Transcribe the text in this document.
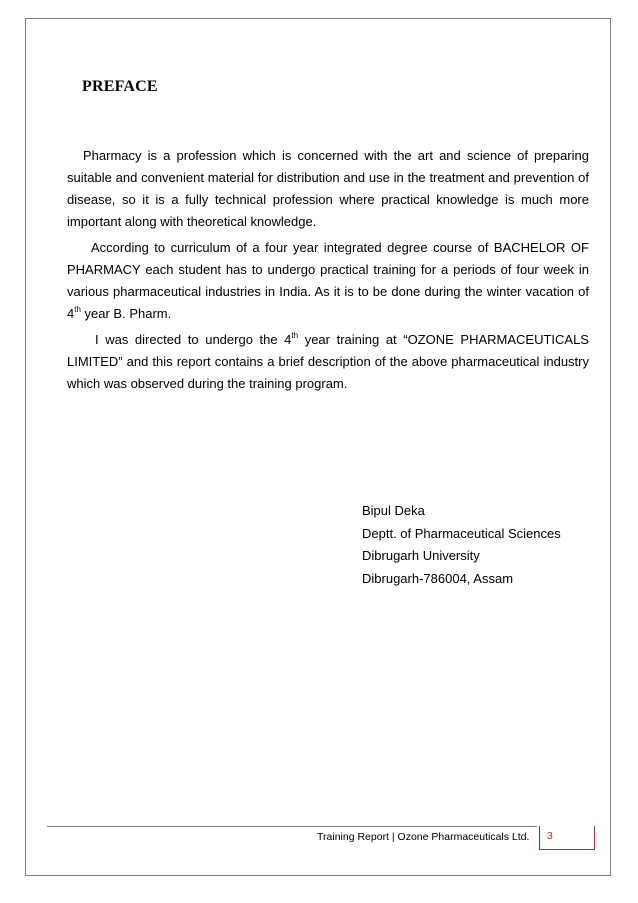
PREFACE

Pharmacy is a profession which is concerned with the art and science of preparing suitable and convenient material for distribution and use in the treatment and prevention of disease, so it is a fully technical profession where practical knowledge is much more important along with theoretical knowledge.

According to curriculum of a four year integrated degree course of BACHELOR OF PHARMACY each student has to undergo practical training for a periods of four week in various pharmaceutical industries in India. As it is to be done during the winter vacation of 4th year B. Pharm.

I was directed to undergo the 4th year training at “OZONE PHARMACEUTICALS LIMITED” and this report contains a brief description of the above pharmaceutical industry which was observed during the training program.

Bipul Deka
Deptt. of Pharmaceutical Sciences
Dibrugarh University
Dibrugarh-786004, Assam
Training Report | Ozone Pharmaceuticals Ltd. 3
